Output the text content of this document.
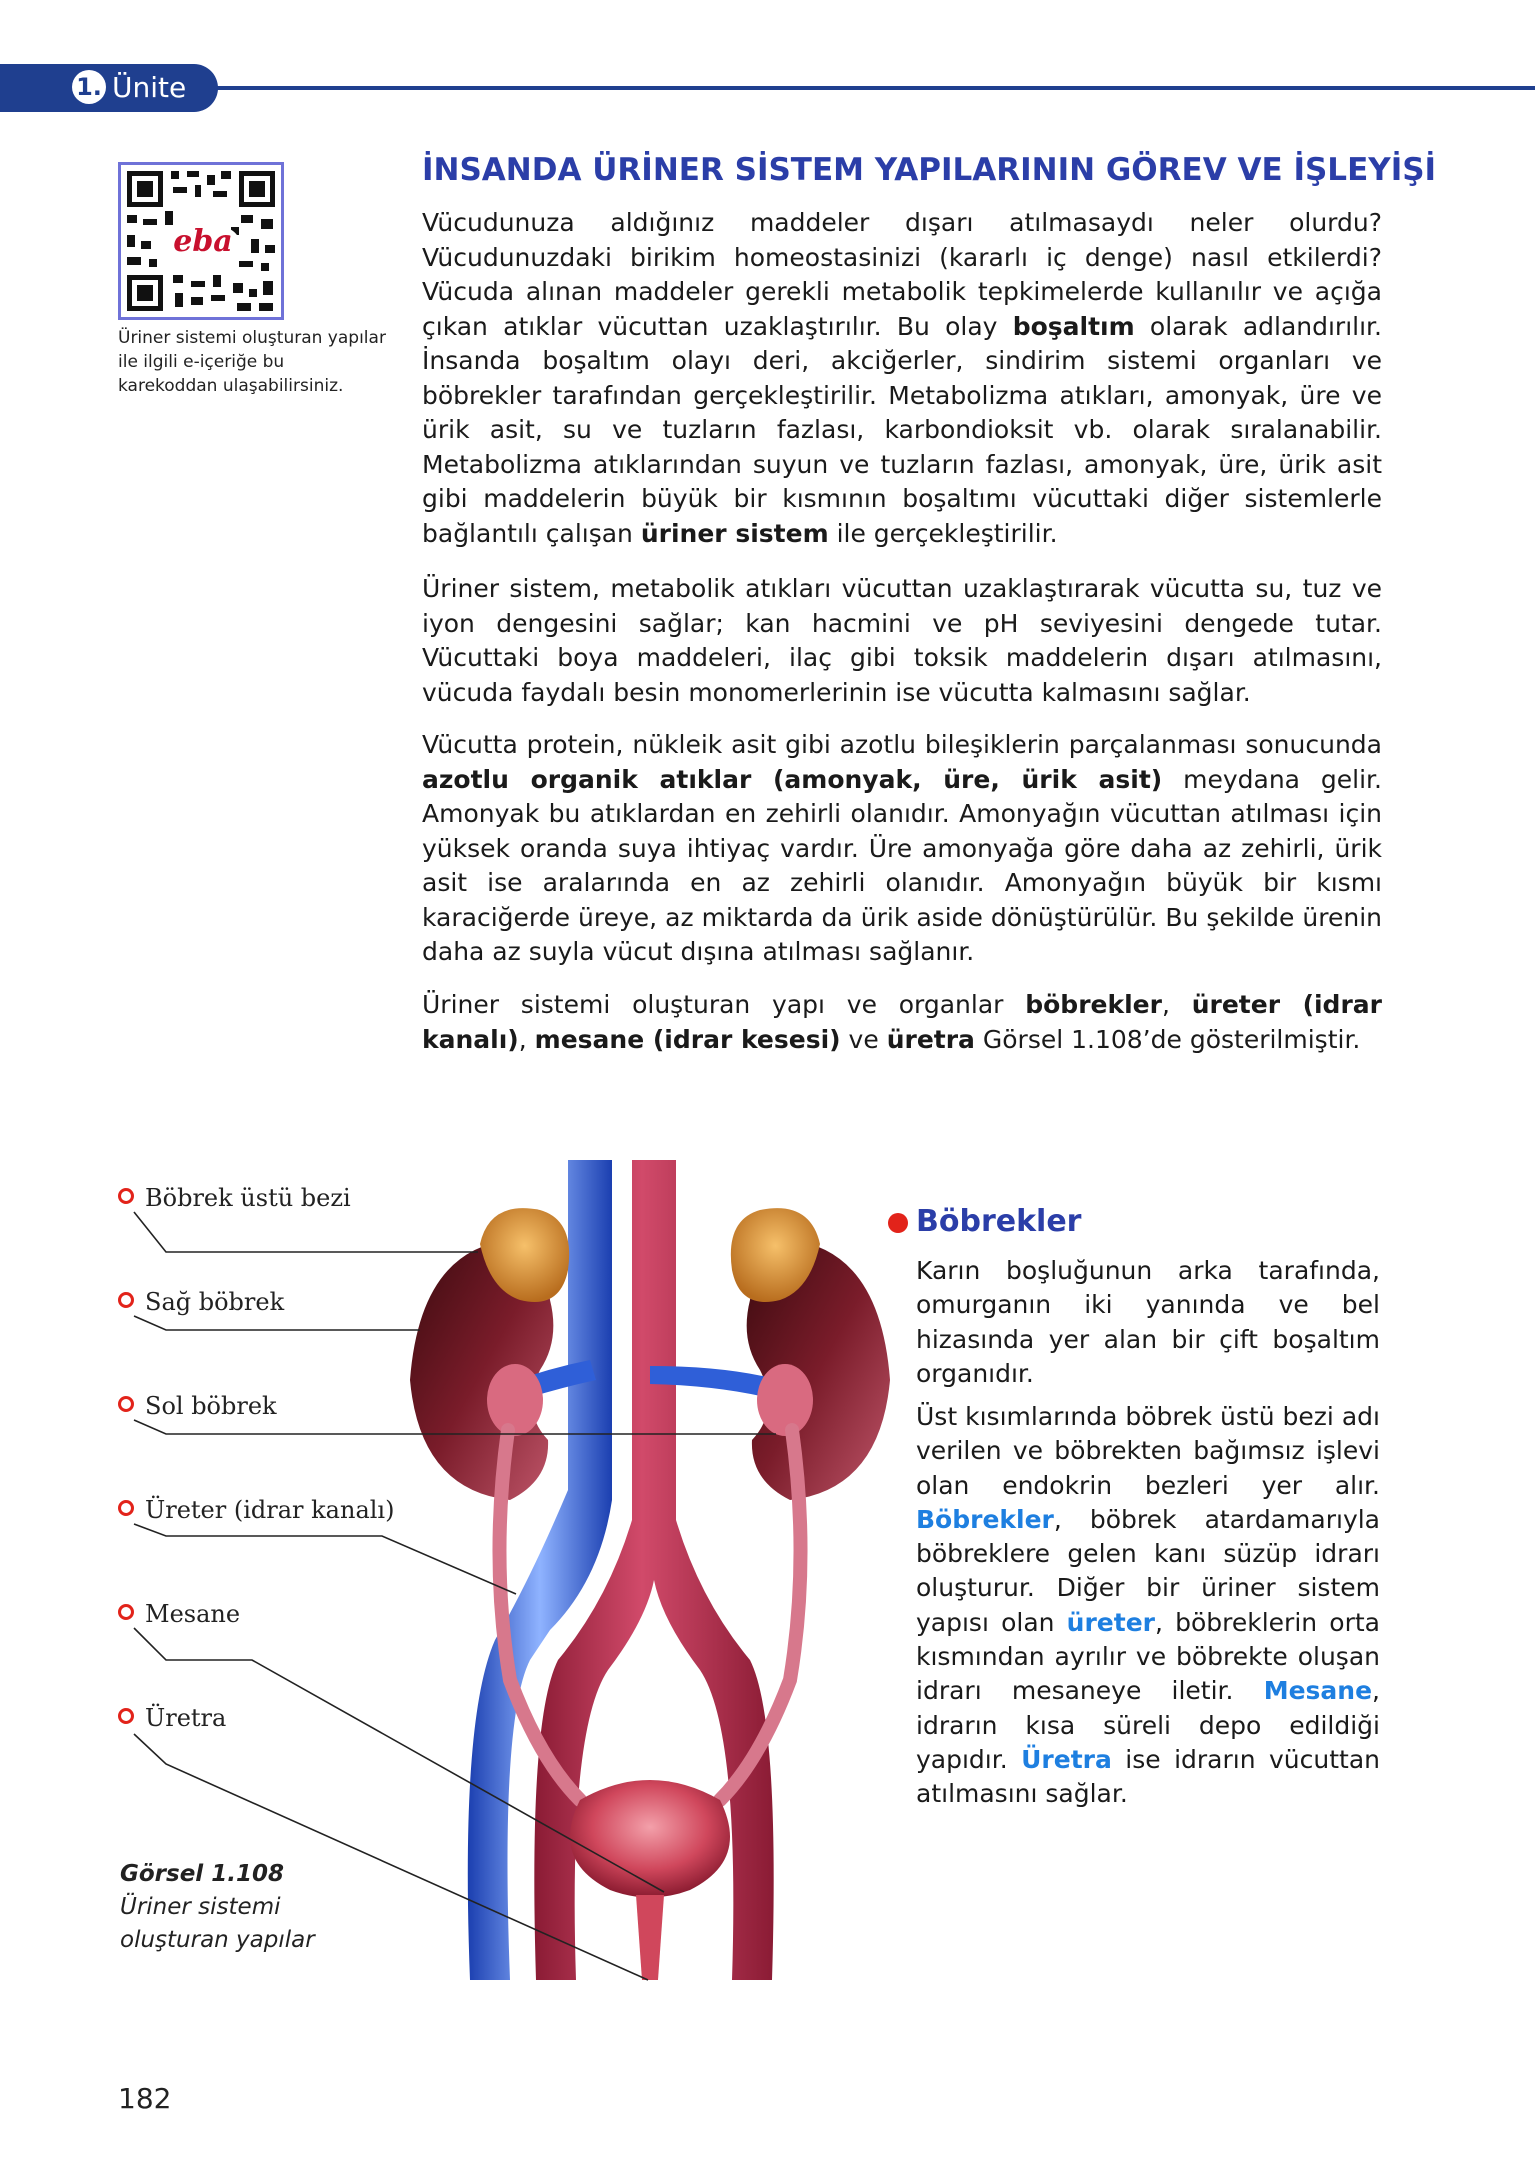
1. Ünite
eba
Üriner sistemi oluşturan yapılar ile ilgili e-içeriğe bu karekoddan ulaşabilirsiniz.
İNSANDA ÜRİNER SİSTEM YAPILARININ GÖREV VE İŞLEYİŞİ
Vücudunuza aldığınız maddeler dışarı atılmasaydı neler olurdu? Vücudunuzdaki birikim homeostasinizi (kararlı iç denge) nasıl etkilerdi? Vücuda alınan maddeler gerekli metabolik tepkimelerde kullanılır ve açığa çıkan atıklar vücuttan uzaklaştırılır. Bu olay boşaltım olarak adlandırılır. İnsanda boşaltım olayı deri, akciğerler, sindirim sistemi organları ve böbrekler tarafından gerçekleştirilir. Metabolizma atıkları, amonyak, üre ve ürik asit, su ve tuzların fazlası, karbondioksit vb. olarak sıralanabilir. Metabolizma atıklarından suyun ve tuzların fazlası, amonyak, üre, ürik asit gibi maddelerin büyük bir kısmının boşaltımı vücuttaki diğer sistemlerle bağlantılı çalışan üriner sistem ile gerçekleştirilir.
Üriner sistem, metabolik atıkları vücuttan uzaklaştırarak vücutta su, tuz ve iyon dengesini sağlar; kan hacmini ve pH seviyesini dengede tutar. Vücuttaki boya maddeleri, ilaç gibi toksik maddelerin dışarı atılmasını, vücuda faydalı besin monomerlerinin ise vücutta kalmasını sağlar.
Vücutta protein, nükleik asit gibi azotlu bileşiklerin parçalanması sonucunda azotlu organik atıklar (amonyak, üre, ürik asit) meydana gelir. Amonyak bu atıklardan en zehirli olanıdır. Amonyağın vücuttan atılması için yüksek oranda suya ihtiyaç vardır. Üre amonyağa göre daha az zehirli, ürik asit ise aralarında en az zehirli olanıdır. Amonyağın büyük bir kısmı karaciğerde üreye, az miktarda da ürik aside dönüştürülür. Bu şekilde ürenin daha az suyla vücut dışına atılması sağlanır.
Üriner sistemi oluşturan yapı ve organlar böbrekler, üreter (idrar kanalı), mesane (idrar kesesi) ve üretra Görsel 1.108’de gösterilmiştir.
Böbrek üstü bezi
Sağ böbrek
Sol böbrek
Üreter (idrar kanalı)
Mesane
Üretra
Görsel 1.108
Üriner sistemi
oluşturan yapılar
Böbrekler
Karın boşluğunun arka tarafında, omurganın iki yanında ve bel hizasında yer alan bir çift boşaltım organıdır.
Üst kısımlarında böbrek üstü bezi adı verilen ve böbrekten bağımsız işlevi olan endokrin bezleri yer alır. Böbrekler, böbrek atardamarıyla böbreklere gelen kanı süzüp idrarı oluşturur. Diğer bir üriner sistem yapısı olan üreter, böbreklerin orta kısmından ayrılır ve böbrekte oluşan idrarı mesaneye iletir. Mesane, idrarın kısa süreli depo edildiği yapıdır. Üretra ise idrarın vücuttan atılmasını sağlar.
182
